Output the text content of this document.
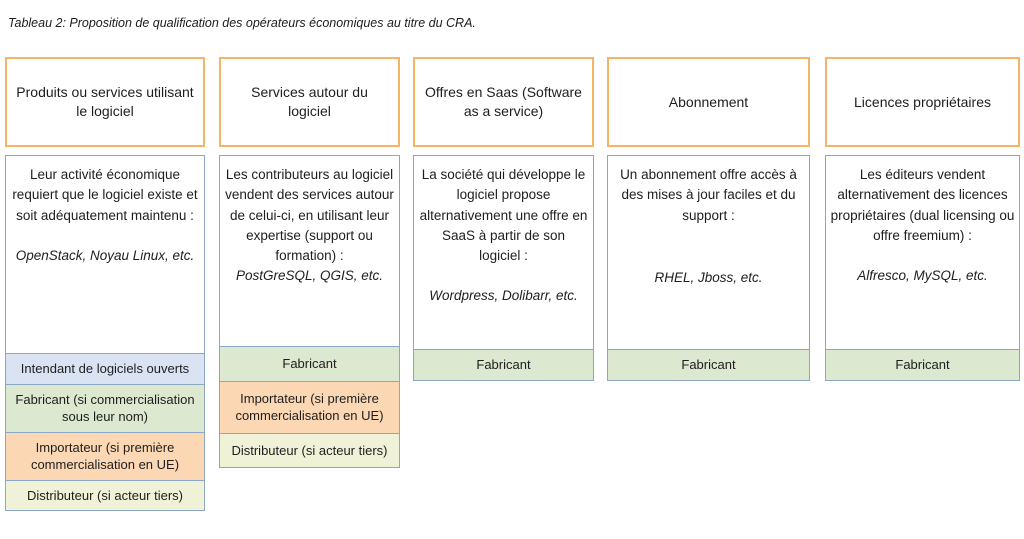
Tableau 2: Proposition de qualification des opérateurs économiques au titre du CRA.
Produits ou services utilisant le logiciel
Leur activité économique requiert que le logiciel existe et soit adéquatement maintenu :
OpenStack, Noyau Linux, etc.
Intendant de logiciels ouverts
Fabricant (si commercialisation sous leur nom)
Importateur (si première commercialisation en UE)
Distributeur (si acteur tiers)
Services autour du logiciel
Les contributeurs au logiciel vendent des services autour de celui-ci, en utilisant leur expertise (support ou formation) :
PostGreSQL, QGIS, etc.
Fabricant
Importateur (si première commercialisation en UE)
Distributeur (si acteur tiers)
Offres en Saas (Software as a service)
La société qui développe le logiciel propose alternativement une offre en SaaS à partir de son logiciel :
Wordpress, Dolibarr, etc.
Fabricant
Abonnement
Un abonnement offre accès à des mises à jour faciles et du support :
RHEL, Jboss, etc.
Fabricant
Licences propriétaires
Les éditeurs vendent alternativement des licences propriétaires (dual licensing ou offre freemium) :
Alfresco, MySQL, etc.
Fabricant
